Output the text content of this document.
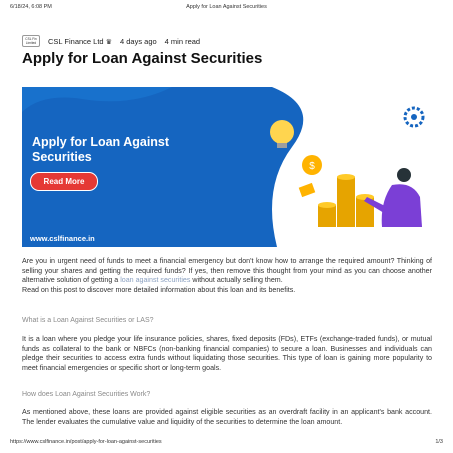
6/18/24, 6:08 PM	Apply for Loan Against Securities
CSL Fin
Limited	CSL Finance Ltd ♛ 4 days ago 4 min read
Apply for Loan Against Securities
$
Apply for Loan Against
Securities
Read More
www.cslfinance.in

Are you in urgent need of funds to meet a financial emergency but don't know how to arrange the required amount? Thinking of selling your shares and getting the required funds? If yes, then remove this thought from your mind as you can choose another alternative solution of getting a loan against securities without actually selling them.
Read on this post to discover more detailed information about this loan and its benefits.

What is a Loan Against Securities or LAS?

It is a loan where you pledge your life insurance policies, shares, fixed deposits (FDs), ETFs (exchange-traded funds), or mutual funds as collateral to the bank or NBFCs (non-banking financial companies) to secure a loan. Businesses and individuals can pledge their securities to access extra funds without liquidating those securities. This type of loan is gaining more popularity to meet financial emergencies or specific short or long-term goals.

How does Loan Against Securities Work?

As mentioned above, these loans are provided against eligible securities as an overdraft facility in an applicant's bank account. The lender evaluates the cumulative value and liquidity of the securities to determine the loan amount.

https://www.cslfinance.in/post/apply-for-loan-against-securities	1/3
